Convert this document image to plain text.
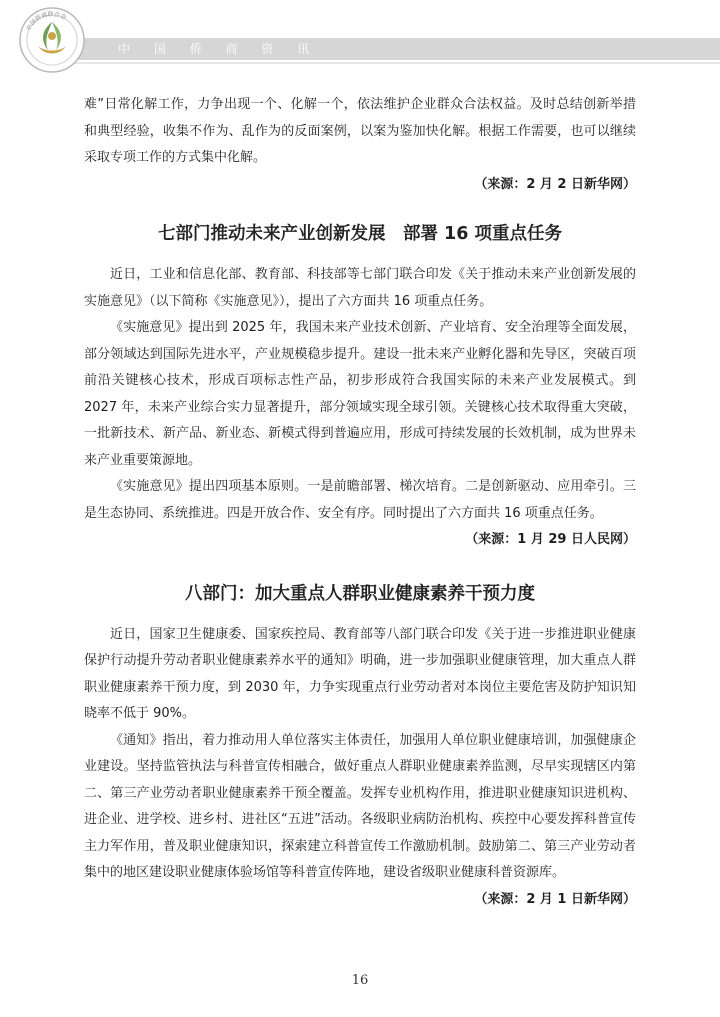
中 国 侨 商 资 讯
中国侨商联合会

难”日常化解工作，力争出现一个、化解一个，依法维护企业群众合法权益。及时总结创新举措和典型经验，收集不作为、乱作为的反面案例，以案为鉴加快化解。根据工作需要，也可以继续采取专项工作的方式集中化解。

（来源：2 月 2 日新华网）

七部门推动未来产业创新发展　部署 16 项重点任务

近日，工业和信息化部、教育部、科技部等七部门联合印发《关于推动未来产业创新发展的实施意见》（以下简称《实施意见》），提出了六方面共 16 项重点任务。

《实施意见》提出到 2025 年，我国未来产业技术创新、产业培育、安全治理等全面发展，部分领域达到国际先进水平，产业规模稳步提升。建设一批未来产业孵化器和先导区，突破百项前沿关键核心技术，形成百项标志性产品，初步形成符合我国实际的未来产业发展模式。到 2027 年，未来产业综合实力显著提升，部分领域实现全球引领。关键核心技术取得重大突破，一批新技术、新产品、新业态、新模式得到普遍应用，形成可持续发展的长效机制，成为世界未来产业重要策源地。

《实施意见》提出四项基本原则。一是前瞻部署、梯次培育。二是创新驱动、应用牵引。三是生态协同、系统推进。四是开放合作、安全有序。同时提出了六方面共 16 项重点任务。

（来源：1 月 29 日人民网）

八部门：加大重点人群职业健康素养干预力度

近日，国家卫生健康委、国家疾控局、教育部等八部门联合印发《关于进一步推进职业健康保护行动提升劳动者职业健康素养水平的通知》明确，进一步加强职业健康管理，加大重点人群职业健康素养干预力度，到 2030 年，力争实现重点行业劳动者对本岗位主要危害及防护知识知晓率不低于 90%。

《通知》指出，着力推动用人单位落实主体责任，加强用人单位职业健康培训，加强健康企业建设。坚持监管执法与科普宣传相融合，做好重点人群职业健康素养监测，尽早实现辖区内第二、第三产业劳动者职业健康素养干预全覆盖。发挥专业机构作用，推进职业健康知识进机构、进企业、进学校、进乡村、进社区“五进”活动。各级职业病防治机构、疾控中心要发挥科普宣传主力军作用，普及职业健康知识，探索建立科普宣传工作激励机制。鼓励第二、第三产业劳动者集中的地区建设职业健康体验场馆等科普宣传阵地，建设省级职业健康科普资源库。

（来源：2 月 1 日新华网）

16
